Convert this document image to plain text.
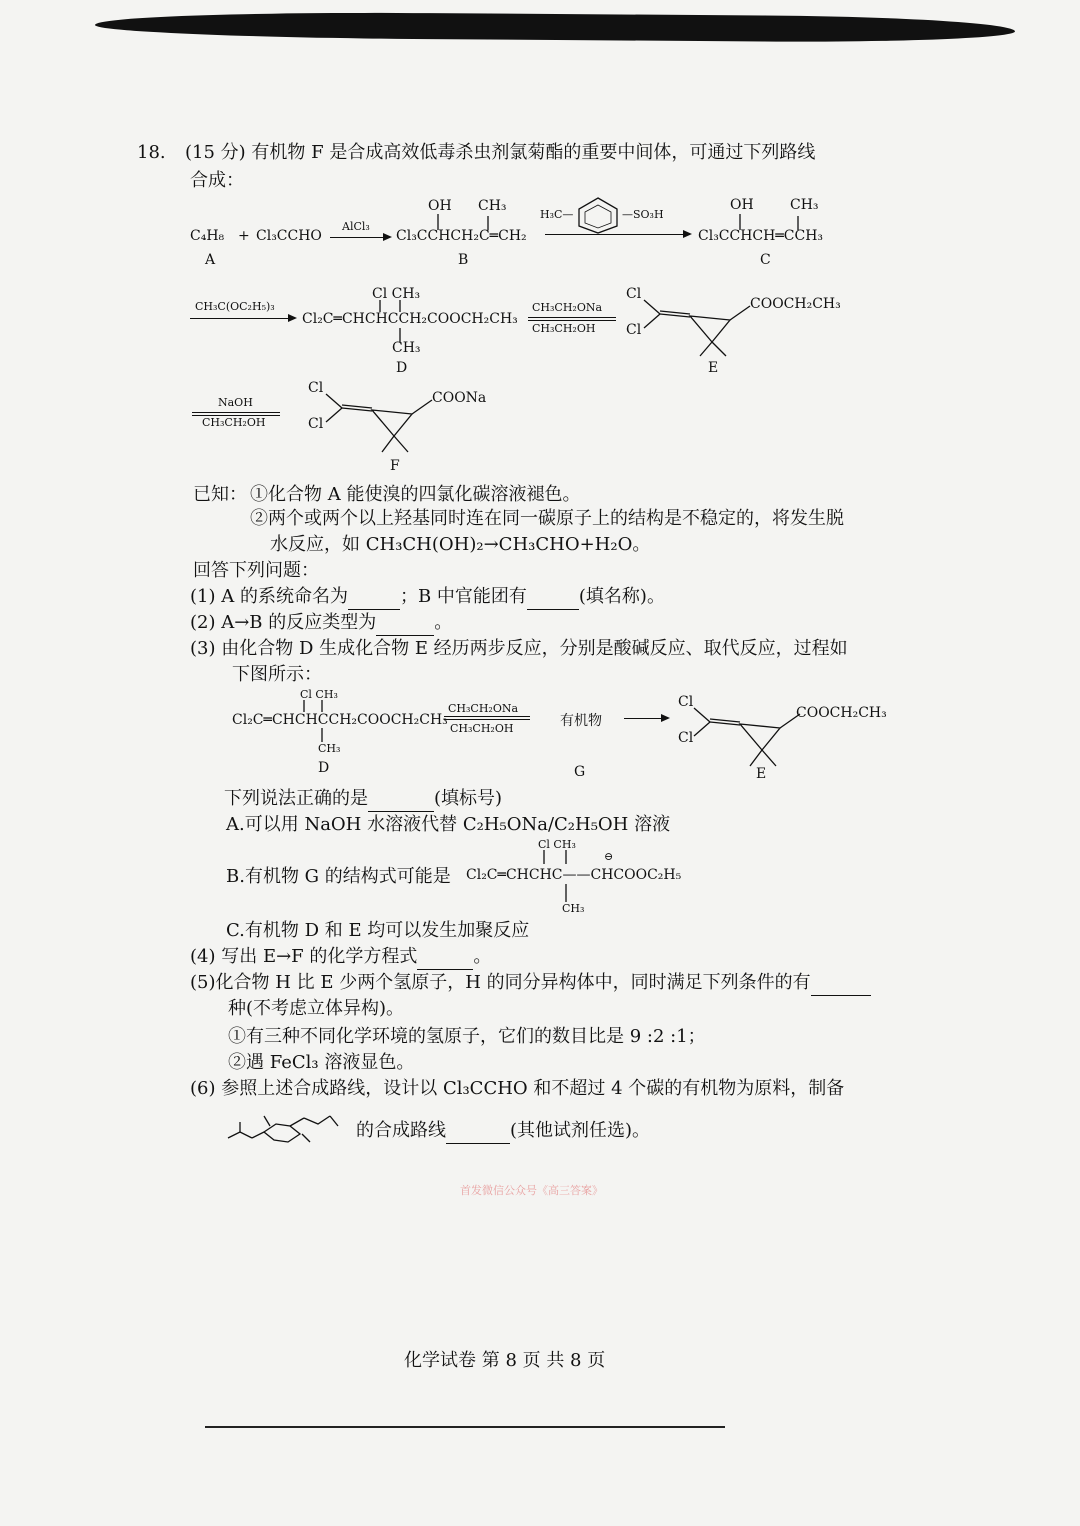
18. (15 分) 有机物 F 是合成高效低毒杀虫剂氯菊酯的重要中间体，可通过下列路线
合成：
C₄H₈ + Cl₃CCHO
AlCl₃
A
OH CH₃
Cl₃CCHCH₂C═CH₂
B
H₃C—	—SO₃H
OH	CH₃
Cl₃CCHCH═CCH₃
C
CH₃C(OC₂H₅)₃
Cl CH₃
Cl₂C═CHCHCCH₂COOCH₂CH₃
CH₃
D
CH₃CH₂ONa
CH₃CH₂OH
Cl
Cl
COOCH₂CH₃
E
NaOH
CH₃CH₂OH
Cl
Cl
COONa
F
已知： ①化合物 A 能使溴的四氯化碳溶液褪色。
②两个或两个以上羟基同时连在同一碳原子上的结构是不稳定的，将发生脱
水反应，如 CH₃CH(OH)₂→CH₃CHO+H₂O。
回答下列问题：
(1) A 的系统命名为	；B 中官能团有	(填名称)。
(2) A→B 的反应类型为	。
(3) 由化合物 D 生成化合物 E 经历两步反应，分别是酸碱反应、取代反应，过程如
下图所示：
Cl CH₃
Cl₂C═CHCHCCH₂COOCH₂CH₃
CH₃
D
CH₃CH₂ONa
CH₃CH₂OH	有机物
G
Cl
Cl
COOCH₂CH₃
E
下列说法正确的是	(填标号)
A.可以用 NaOH 水溶液代替 C₂H₅ONa/C₂H₅OH 溶液
Cl CH₃
⊖
B.有机物 G 的结构式可能是 Cl₂C═CHCHC——CHCOOC₂H₅
CH₃
C.有机物 D 和 E 均可以发生加聚反应
(4) 写出 E→F 的化学方程式	。
(5)化合物 H 比 E 少两个氢原子，H 的同分异构体中，同时满足下列条件的有
种(不考虑立体异构)。
①有三种不同化学环境的氢原子，它们的数目比是 9 :2 :1；
②遇 FeCl₃ 溶液显色。
(6) 参照上述合成路线，设计以 Cl₃CCHO 和不超过 4 个碳的有机物为原料，制备
的合成路线	(其他试剂任选)。
首发微信公众号《高三答案》
化学试卷 第 8 页 共 8 页
